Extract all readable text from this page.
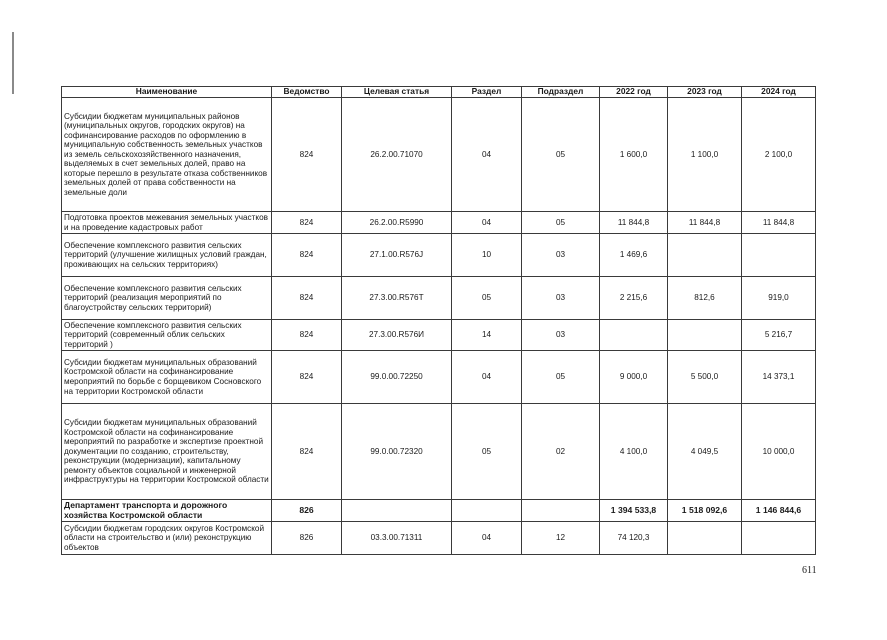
Наименование	Ведомство	Целевая статья	Раздел	Подраздел	2022 год	2023 год	2024 год
Субсидии бюджетам муниципальных районов (муниципальных округов, городских округов) на софинансирование расходов по оформлению в муниципальную собственность земельных участков из земель сельскохозяйственного назначения, выделяемых в счет земельных долей, право на которые перешло в результате отказа собственников земельных долей от права собственности на земельные доли	824	26.2.00.71070	04	05	1 600,0	1 100,0	2 100,0
Подготовка проектов межевания земельных участков и на проведение кадастровых работ	824	26.2.00.R5990	04	05	11 844,8	11 844,8	11 844,8
Обеспечение комплексного развития сельских территорий (улучшение жилищных условий граждан, проживающих на сельских территориях)	824	27.1.00.R576J	10	03	1 469,6		
Обеспечение комплексного развития сельских территорий (реализация мероприятий по благоустройству сельских территорий)	824	27.3.00.R576Т	05	03	2 215,6	812,6	919,0
Обеспечение комплексного развития сельских территорий (современный облик сельских территорий )	824	27.3.00.R576И	14	03			5 216,7
Субсидии бюджетам муниципальных образований Костромской области на софинансирование мероприятий по борьбе с борщевиком Сосновского на территории Костромской области	824	99.0.00.72250	04	05	9 000,0	5 500,0	14 373,1
Субсидии бюджетам муниципальных образований Костромской области на софинансирование мероприятий по разработке и экспертизе проектной документации по созданию, строительству, реконструкции (модернизации), капитальному ремонту объектов социальной и инженерной инфраструктуры на территории Костромской области	824	99.0.00.72320	05	02	4 100,0	4 049,5	10 000,0
Департамент транспорта и дорожного хозяйства Костромской области	826				1 394 533,8	1 518 092,6	1 146 844,6
Субсидии бюджетам городских округов Костромской области на строительство и (или) реконструкцию объектов	826	03.3.00.71311	04	12	74 120,3		
611
